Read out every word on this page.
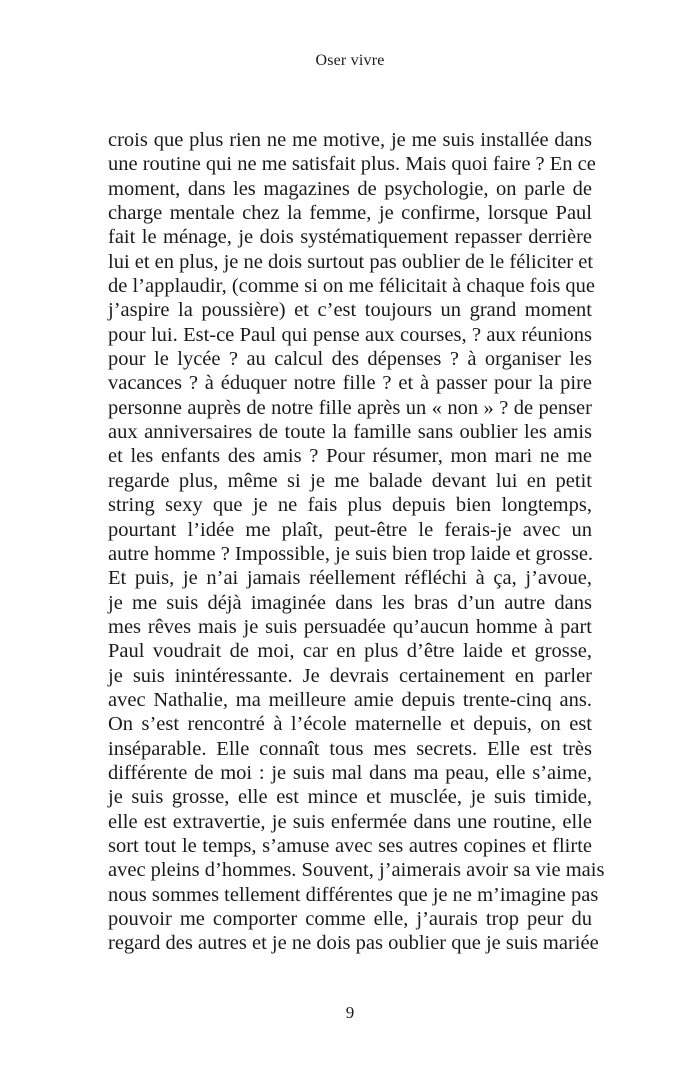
Oser vivre
crois que plus rien ne me motive, je me suis installée dans
une routine qui ne me satisfait plus. Mais quoi faire ? En ce
moment, dans les magazines de psychologie, on parle de
charge mentale chez la femme, je confirme, lorsque Paul
fait le ménage, je dois systématiquement repasser derrière
lui et en plus, je ne dois surtout pas oublier de le féliciter et
de l’applaudir, (comme si on me félicitait à chaque fois que
j’aspire la poussière) et c’est toujours un grand moment
pour lui. Est-ce Paul qui pense aux courses, ? aux réunions
pour le lycée ? au calcul des dépenses ? à organiser les
vacances ? à éduquer notre fille ? et à passer pour la pire
personne auprès de notre fille après un « non » ? de penser
aux anniversaires de toute la famille sans oublier les amis
et les enfants des amis ? Pour résumer, mon mari ne me
regarde plus, même si je me balade devant lui en petit
string sexy que je ne fais plus depuis bien longtemps,
pourtant l’idée me plaît, peut-être le ferais-je avec un
autre homme ? Impossible, je suis bien trop laide et grosse.
Et puis, je n’ai jamais réellement réfléchi à ça, j’avoue,
je me suis déjà imaginée dans les bras d’un autre dans
mes rêves mais je suis persuadée qu’aucun homme à part
Paul voudrait de moi, car en plus d’être laide et grosse,
je suis inintéressante. Je devrais certainement en parler
avec Nathalie, ma meilleure amie depuis trente-cinq ans.
On s’est rencontré à l’école maternelle et depuis, on est
inséparable. Elle connaît tous mes secrets. Elle est très
différente de moi : je suis mal dans ma peau, elle s’aime,
je suis grosse, elle est mince et musclée, je suis timide,
elle est extravertie, je suis enfermée dans une routine, elle
sort tout le temps, s’amuse avec ses autres copines et flirte
avec pleins d’hommes. Souvent, j’aimerais avoir sa vie mais
nous sommes tellement différentes que je ne m’imagine pas
pouvoir me comporter comme elle, j’aurais trop peur du
regard des autres et je ne dois pas oublier que je suis mariée
9
